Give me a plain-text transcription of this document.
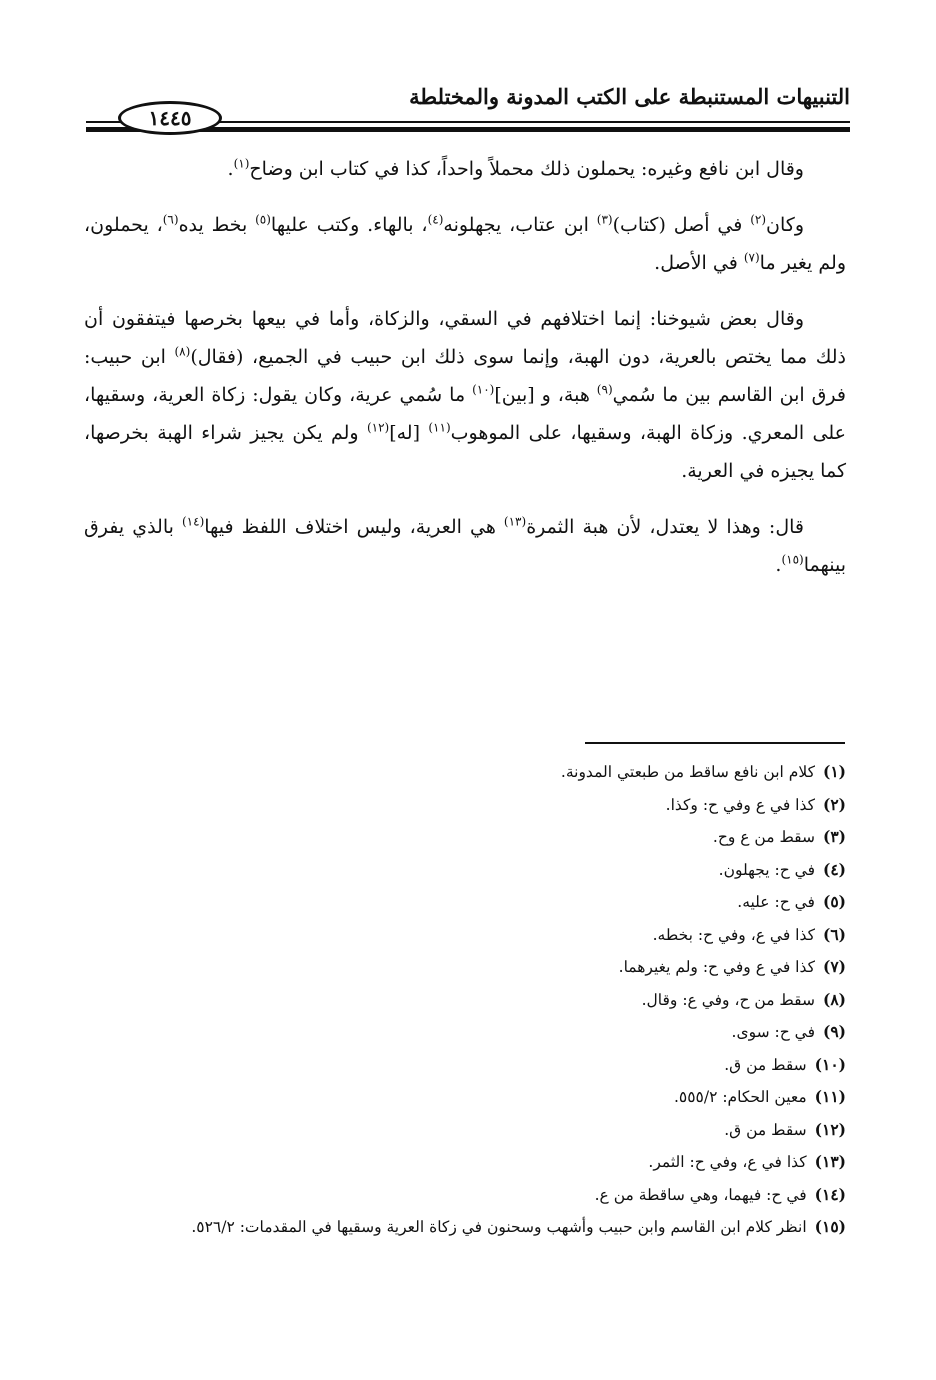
التنبيهات المستنبطة على الكتب المدونة والمختلطة
١٤٤٥

وقال ابن نافع وغيره: يحملون ذلك محملاً واحداً، كذا في كتاب ابن وضاح$^{(١)}$.

وكان$^{(٢)}$ في أصل (كتاب)$^{(٣)}$ ابن عتاب، يجهلونه$^{(٤)}$، بالهاء. وكتب عليها$^{(٥)}$ بخط يده$^{(٦)}$، يحملون، ولم يغير ما$^{(٧)}$ في الأصل.

وقال بعض شيوخنا: إنما اختلافهم في السقي، والزكاة، وأما في بيعها بخرصها فيتفقون أن ذلك مما يختص بالعرية، دون الهبة، وإنما سوى ذلك ابن حبيب في الجميع، (فقال)$^{(٨)}$ ابن حبيب: فرق ابن القاسم بين ما سُمي$^{(٩)}$ هبة، و [بين]$^{(١٠)}$ ما سُمي عرية، وكان يقول: زكاة العرية، وسقيها، على المعري. وزكاة الهبة، وسقيها، على الموهوب$^{(١١)}$ [له]$^{(١٢)}$ ولم يكن يجيز شراء الهبة بخرصها، كما يجيزه في العرية.

قال: وهذا لا يعتدل، لأن هبة الثمرة$^{(١٣)}$ هي العرية، وليس اختلاف اللفظ فيها$^{(١٤)}$ بالذي يفرق بينهما$^{(١٥)}$.

(١)كلام ابن نافع ساقط من طبعتي المدونة.
(٢)كذا في ع وفي ح: وكذا.
(٣)سقط من ع وح.
(٤)في ح: يجهلون.
(٥)في ح: عليه.
(٦)كذا في ع، وفي ح: بخطه.
(٧)كذا في ع وفي ح: ولم يغيرهما.
(٨)سقط من ح، وفي ع: وقال.
(٩)في ح: سوى.
(١٠)سقط من ق.
(١١)معين الحكام: ٥٥٥/٢.
(١٢)سقط من ق.
(١٣)كذا في ع، وفي ح: الثمر.
(١٤)في ح: فيهما، وهي ساقطة من ع.
(١٥)انظر كلام ابن القاسم وابن حبيب وأشهب وسحنون في زكاة العرية وسقيها في المقدمات: ٥٢٦/٢.
